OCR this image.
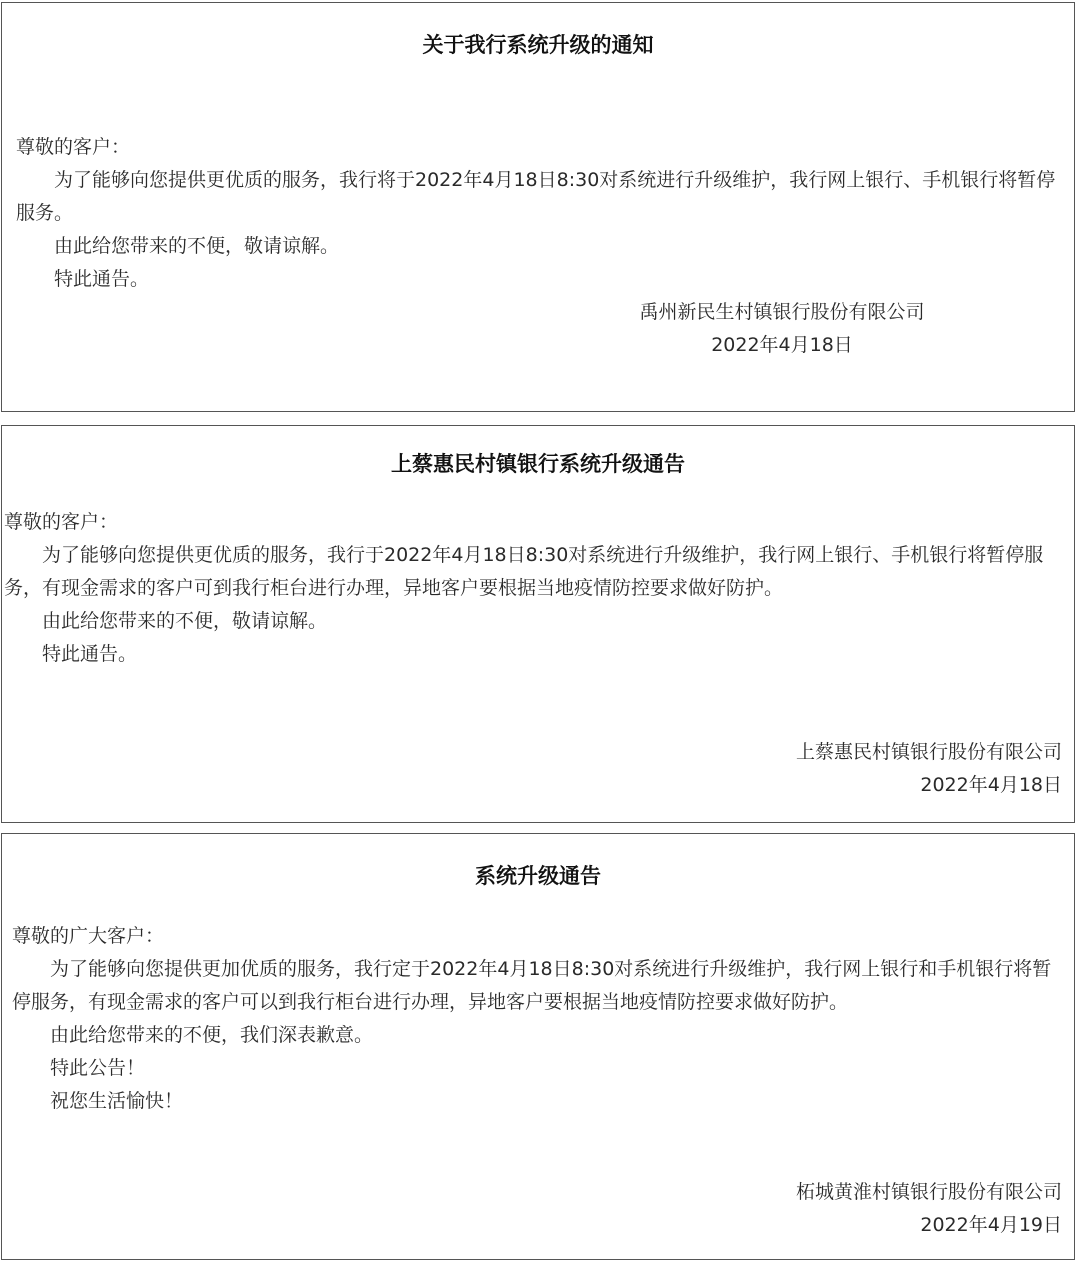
关于我行系统升级的通知

尊敬的客户：

为了能够向您提供更优质的服务，我行将于2022年4月18日8:30对系统进行升级维护，我行网上银行、手机银行将暂停服务。

由此给您带来的不便，敬请谅解。

特此通告。

禹州新民生村镇银行股份有限公司

2022年4月18日

上蔡惠民村镇银行系统升级通告

尊敬的客户：

为了能够向您提供更优质的服务，我行于2022年4月18日8:30对系统进行升级维护，我行网上银行、手机银行将暂停服务，有现金需求的客户可到我行柜台进行办理，异地客户要根据当地疫情防控要求做好防护。

由此给您带来的不便，敬请谅解。

特此通告。

上蔡惠民村镇银行股份有限公司

2022年4月18日

系统升级通告

尊敬的广大客户：

为了能够向您提供更加优质的服务，我行定于2022年4月18日8:30对系统进行升级维护，我行网上银行和手机银行将暂停服务，有现金需求的客户可以到我行柜台进行办理，异地客户要根据当地疫情防控要求做好防护。

由此给您带来的不便，我们深表歉意。

特此公告！

祝您生活愉快！

柘城黄淮村镇银行股份有限公司

2022年4月19日
